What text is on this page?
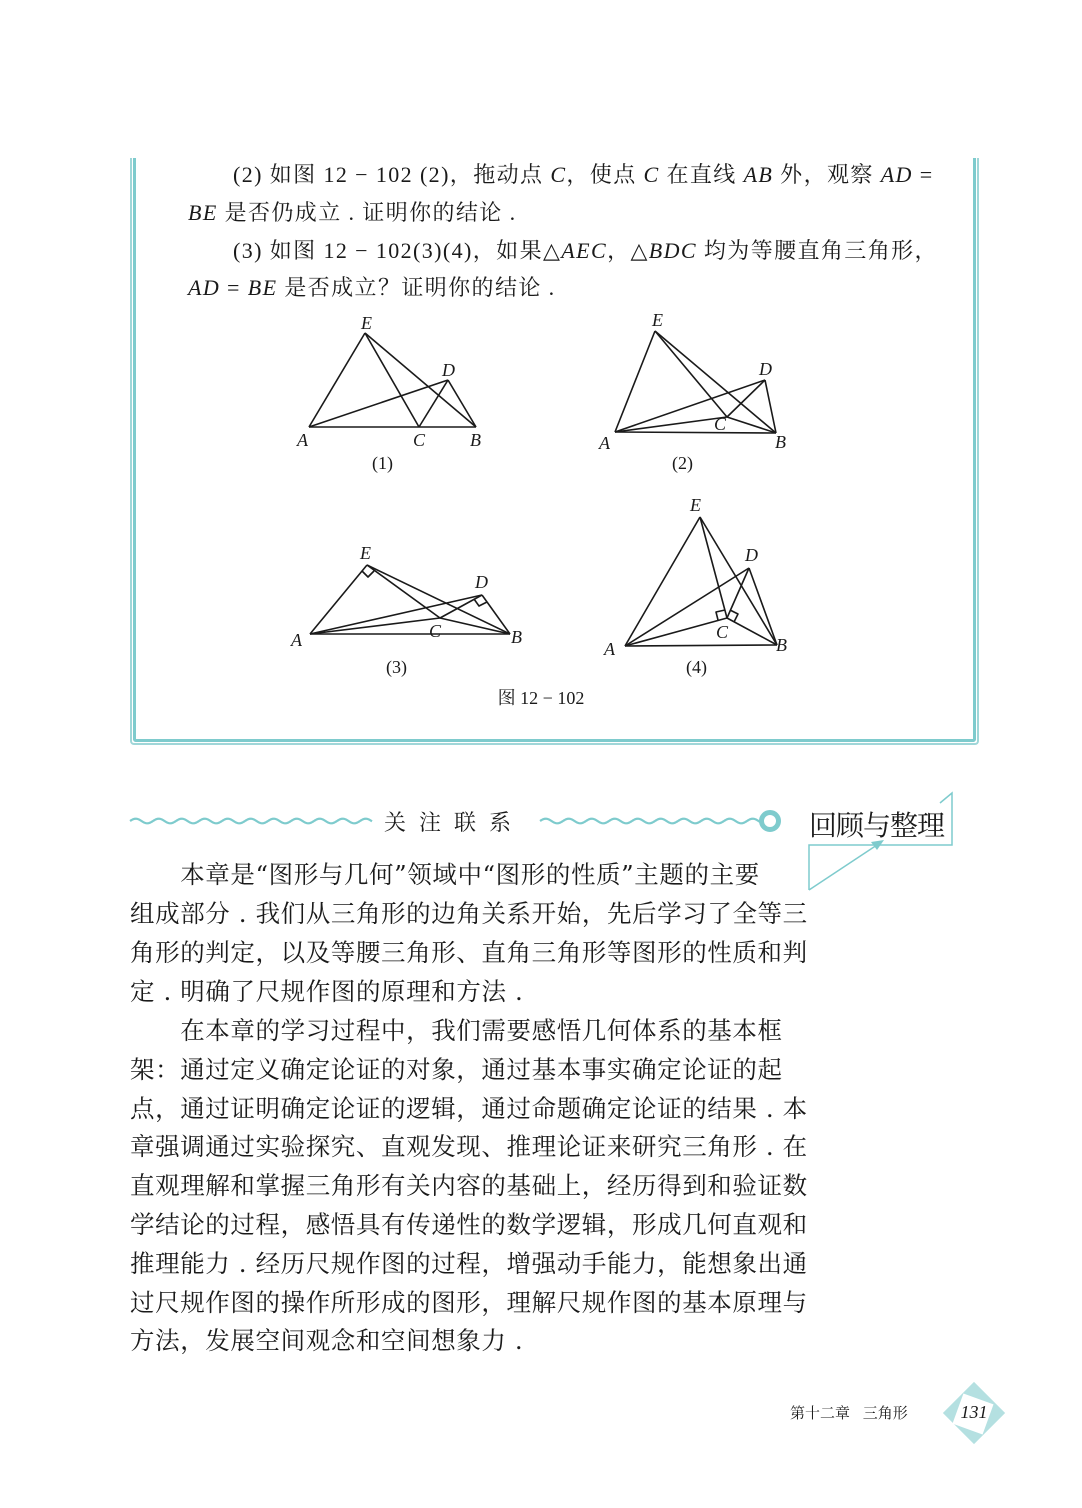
(2) 如图 12 − 102 (2)，拖动点 C，使点 C 在直线 AB 外，观察 AD =
BE 是否仍成立 . 证明你的结论 .
(3) 如图 12 − 102(3)(4)，如果△AEC，△BDC 均为等腰直角三角形，
AD = BE 是否成立？证明你的结论 .
E
D
A	C B
(1)
E
D
A
C
B
(2)
E
D
A	C	B
(3)
E
D
A
C
B
(4)
图 12 − 102
关注联系	回顾与整理
　　本章是“图形与几何”领域中“图形的性质”主题的主要
组成部分 . 我们从三角形的边角关系开始，先后学习了全等三
角形的判定，以及等腰三角形、直角三角形等图形的性质和判
定 . 明确了尺规作图的原理和方法 .
　　在本章的学习过程中，我们需要感悟几何体系的基本框
架：通过定义确定论证的对象，通过基本事实确定论证的起
点，通过证明确定论证的逻辑，通过命题确定论证的结果 . 本
章强调通过实验探究、直观发现、推理论证来研究三角形 . 在
直观理解和掌握三角形有关内容的基础上，经历得到和验证数
学结论的过程，感悟具有传递性的数学逻辑，形成几何直观和
推理能力 . 经历尺规作图的过程，增强动手能力，能想象出通
过尺规作图的操作所形成的图形，理解尺规作图的基本原理与
方法，发展空间观念和空间想象力 .
第十二章 三角形	131
